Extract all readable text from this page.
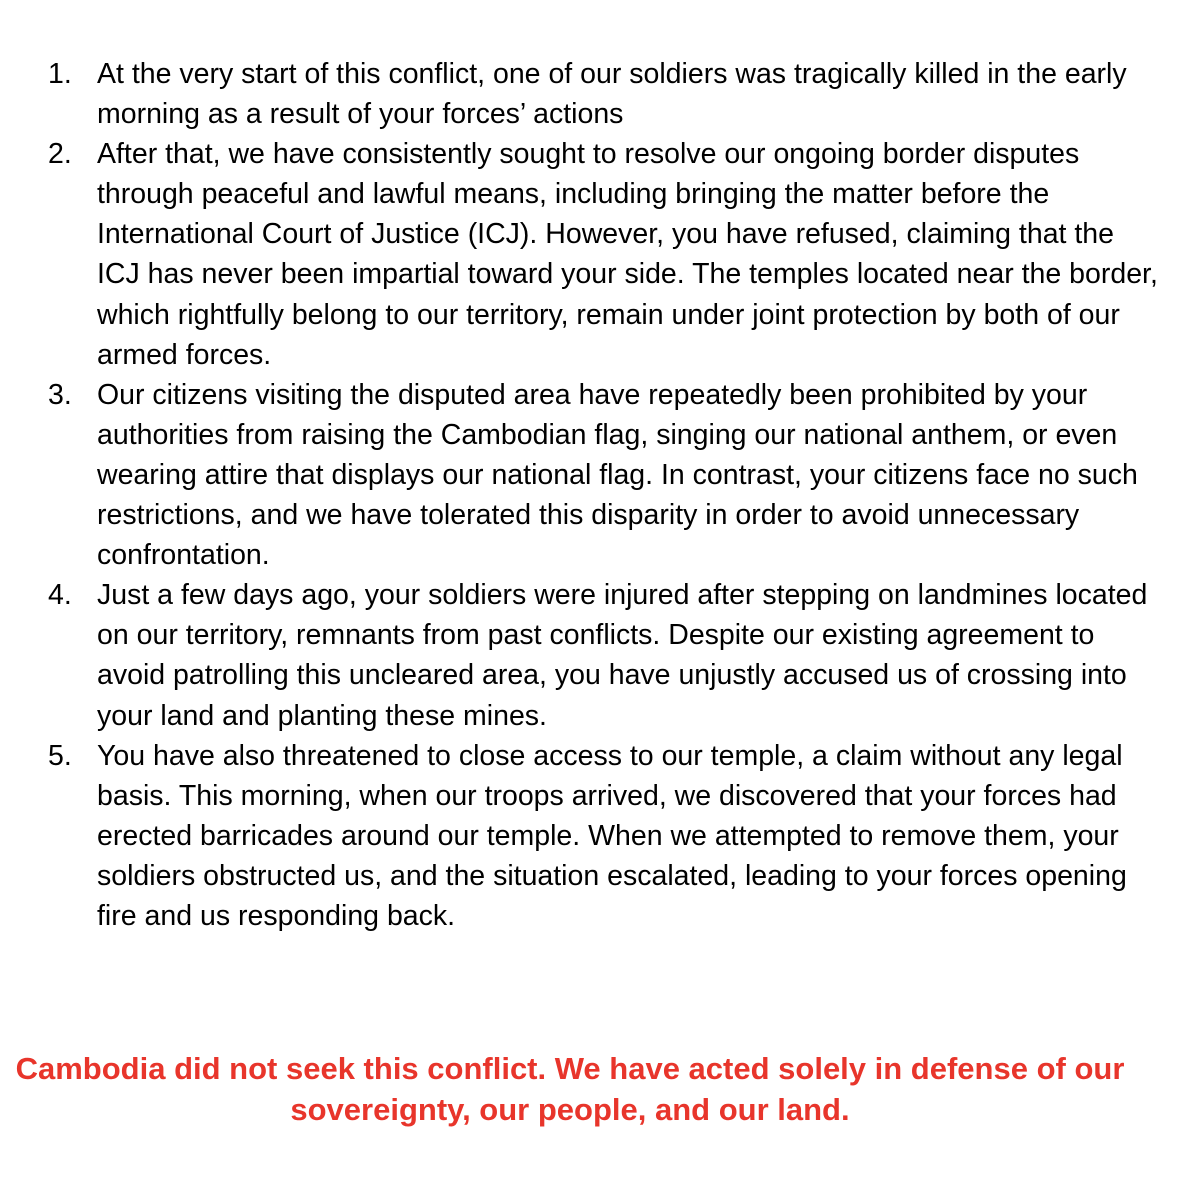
1. At the very start of this conflict, one of our soldiers was tragically killed in the early morning as a result of your forces’ actions
2. After that, we have consistently sought to resolve our ongoing border disputes through peaceful and lawful means, including bringing the matter before the International Court of Justice (ICJ). However, you have refused, claiming that the ICJ has never been impartial toward your side. The temples located near the border, which rightfully belong to our territory, remain under joint protection by both of our armed forces.
3. Our citizens visiting the disputed area have repeatedly been prohibited by your authorities from raising the Cambodian flag, singing our national anthem, or even wearing attire that displays our national flag. In contrast, your citizens face no such restrictions, and we have tolerated this disparity in order to avoid unnecessary confrontation.
4. Just a few days ago, your soldiers were injured after stepping on landmines located on our territory, remnants from past conflicts. Despite our existing agreement to avoid patrolling this uncleared area, you have unjustly accused us of crossing into your land and planting these mines.
5. You have also threatened to close access to our temple, a claim without any legal basis. This morning, when our troops arrived, we discovered that your forces had erected barricades around our temple. When we attempted to remove them, your soldiers obstructed us, and the situation escalated, leading to your forces opening fire and us responding back.
Cambodia did not seek this conflict. We have acted solely in defense of our sovereignty, our people, and our land.
